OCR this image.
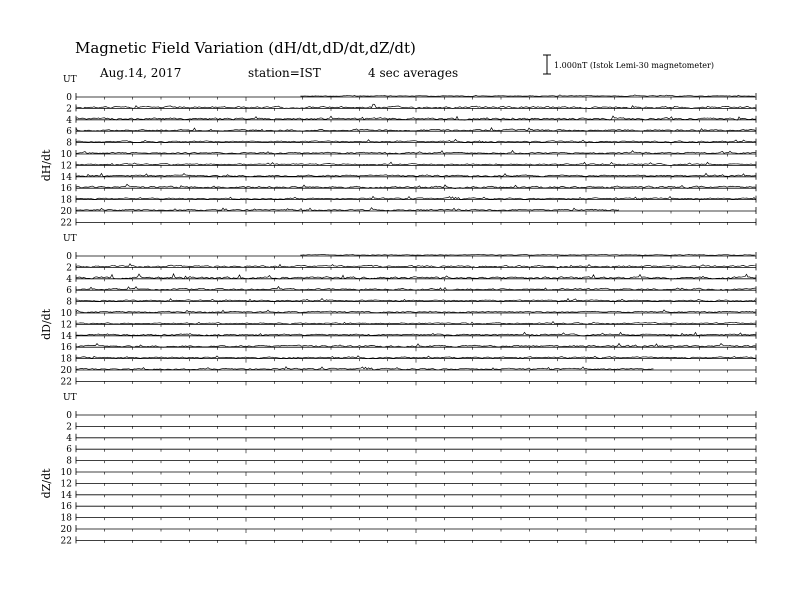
Magnetic Field Variation (dH/dt,dD/dt,dZ/dt)
Aug.14, 2017	station=IST	4 sec averages
1.000nT (Istok Lemi-30 magnetometer)
UT
dH/dt
0
2
4
6
8
10
12
14
16
18
20
22
UT
dD/dt
0
2
4
6
8
10
12
14
16
18
20
22
UT
dZ/dt
0
2
4
6
8
10
12
14
16
18
20
22
